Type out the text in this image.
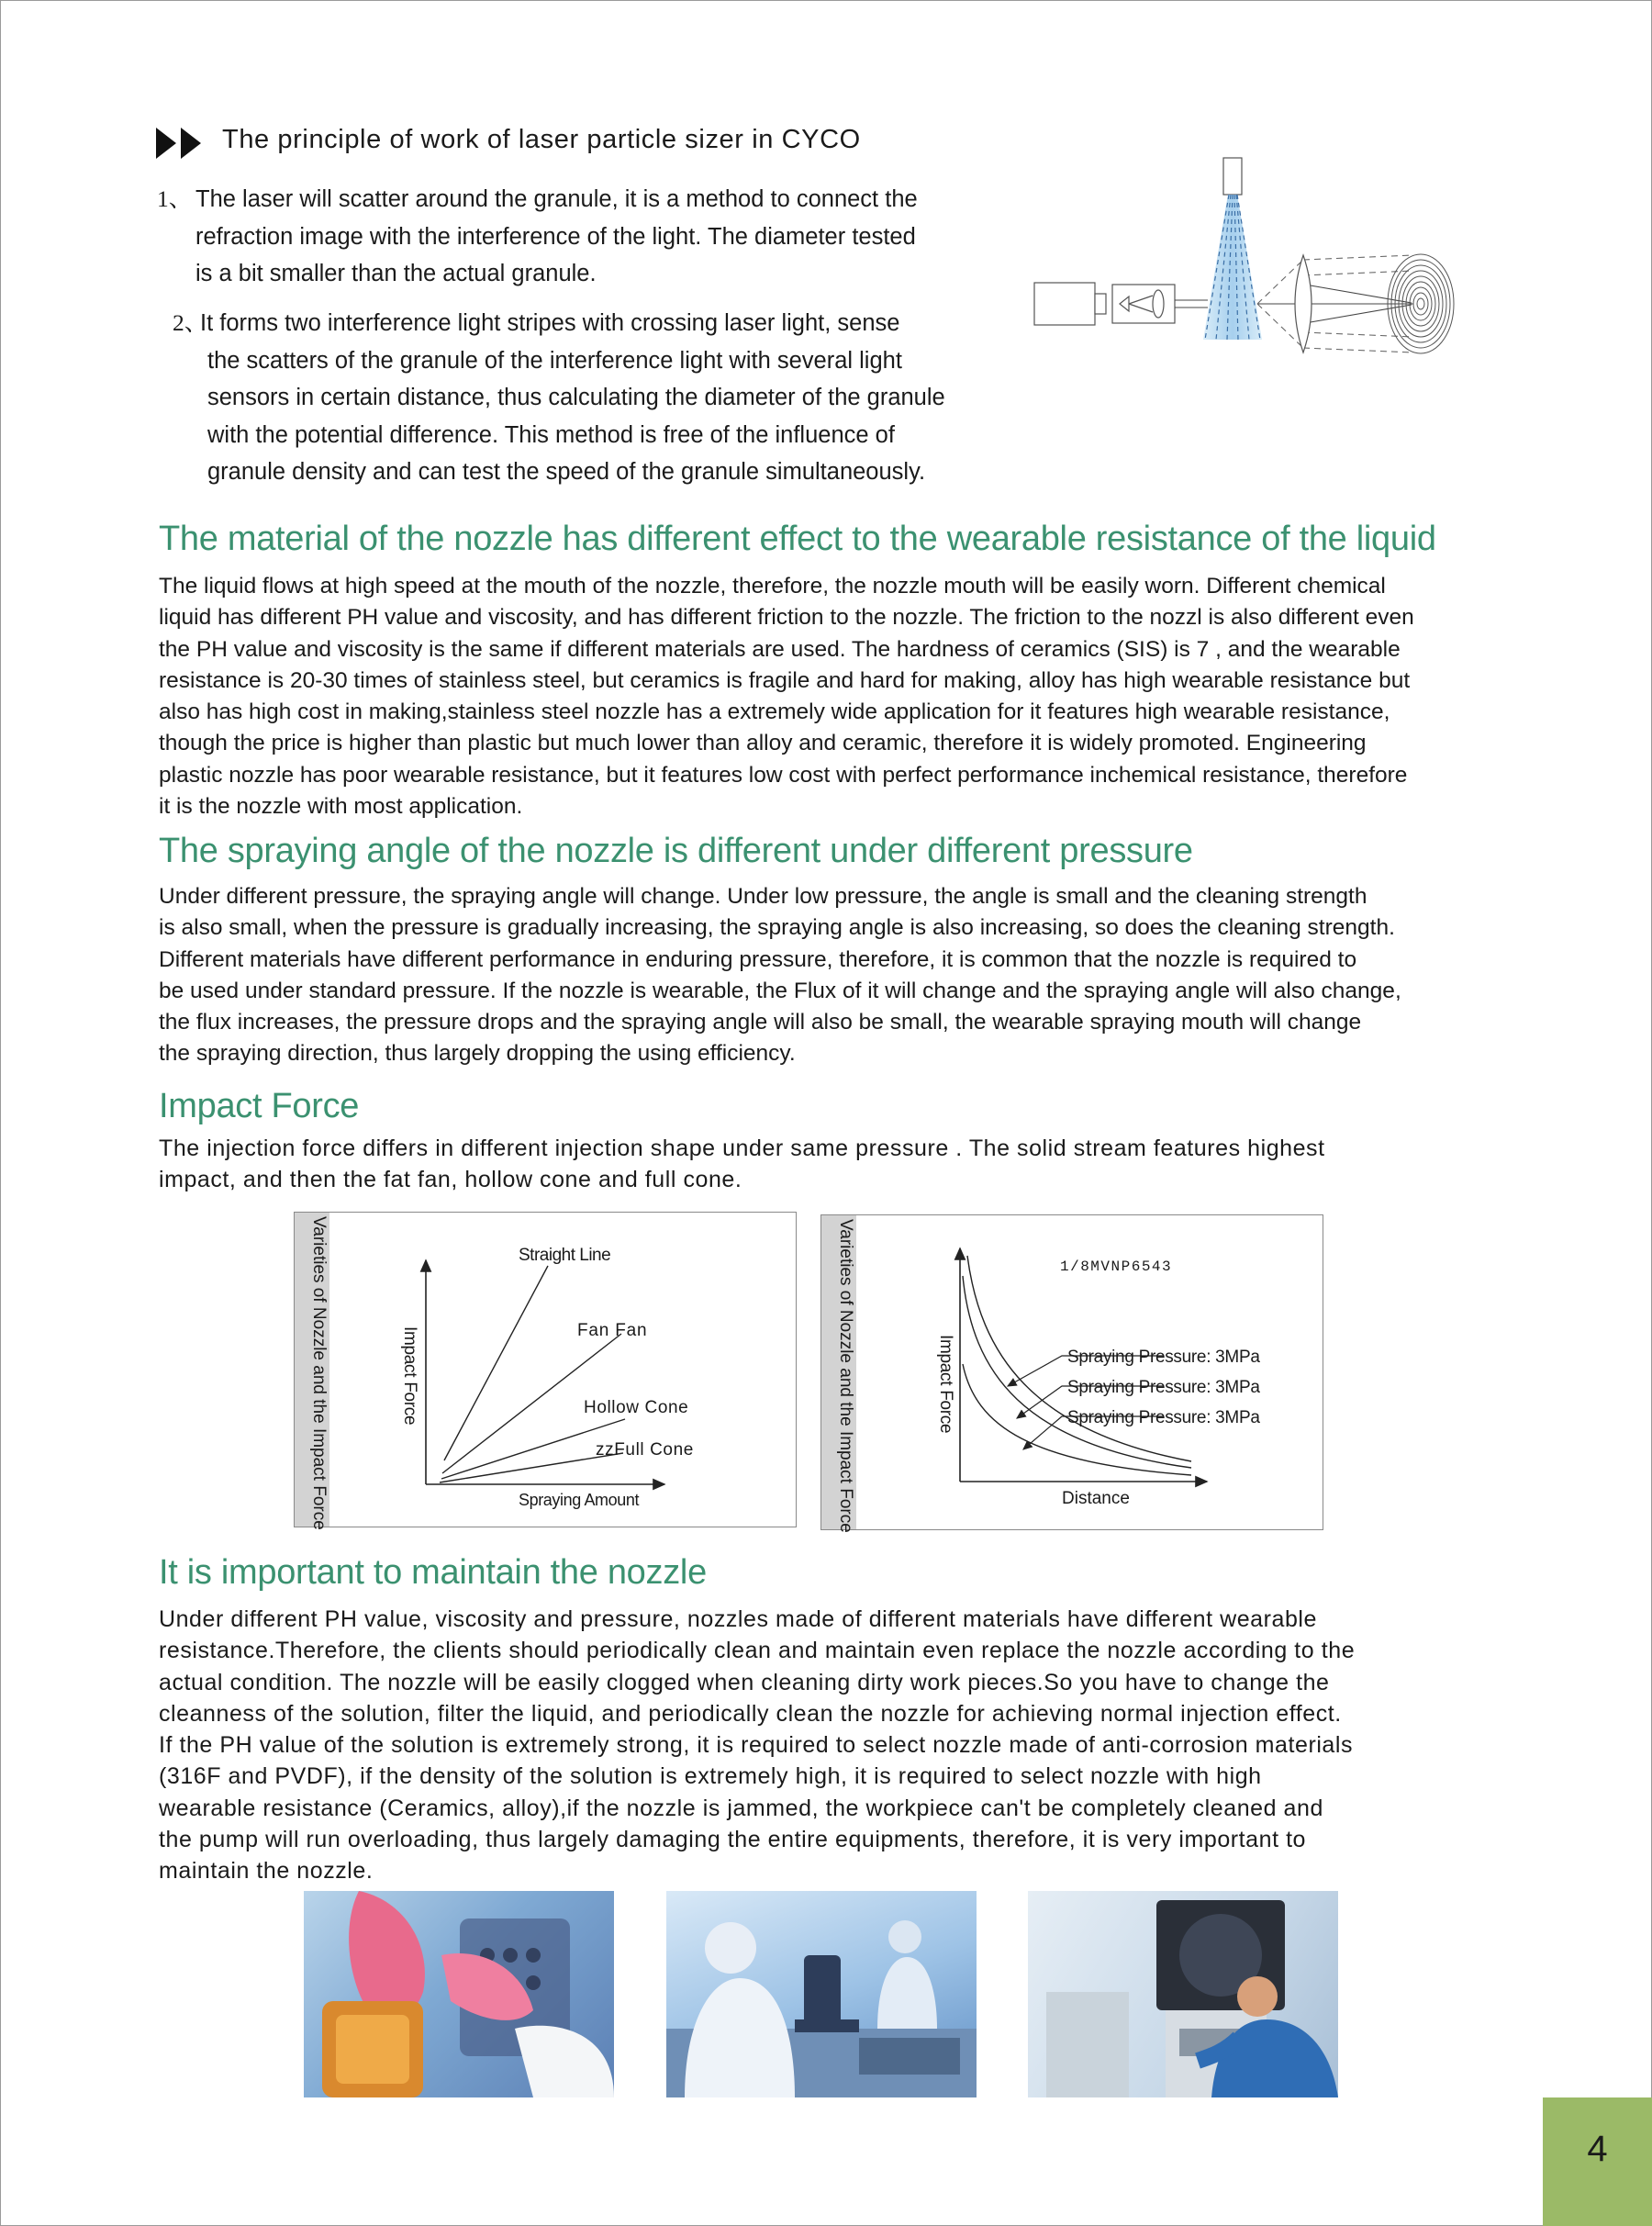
The principle of work of laser particle sizer in CYCO
1、 The laser will scatter around the granule, it is a method to connect the
refraction image with the interference of the light. The diameter tested
is a bit smaller than the actual granule.
2、
It forms two interference light stripes with crossing laser light, sense
the scatters of the granule of the interference light with several light
sensors in certain distance, thus calculating the diameter of the granule
with the potential difference. This method is free of the influence of
granule density and can test the speed of the granule simultaneously.
The material of the nozzle has different effect to the wearable resistance of the liquid
The liquid flows at high speed at the mouth of the nozzle, therefore, the nozzle mouth will be easily worn. Different chemical
liquid has different PH value and viscosity, and has different friction to the nozzle. The friction to the nozzl is also different even
the PH value and viscosity is the same if different materials are used. The hardness of ceramics (SIS) is 7 , and the wearable
resistance is 20-30 times of stainless steel, but ceramics is fragile and hard for making, alloy has high wearable resistance but
also has high cost in making,stainless steel nozzle has a extremely wide application for it features high wearable resistance,
though the price is higher than plastic but much lower than alloy and ceramic, therefore it is widely promoted. Engineering
plastic nozzle has poor wearable resistance, but it features low cost with perfect performance inchemical resistance, therefore
it is the nozzle with most application.
The spraying angle of the nozzle is different under different pressure
Under different pressure, the spraying angle will change. Under low pressure, the angle is small and the cleaning strength
is also small, when the pressure is gradually increasing, the spraying angle is also increasing, so does the cleaning strength.
Different materials have different performance in enduring pressure, therefore, it is common that the nozzle is required to
be used under standard pressure. If the nozzle is wearable, the Flux of it will change and the spraying angle will also change,
the flux increases, the pressure drops and the spraying angle will also be small, the wearable spraying mouth will change
the spraying direction, thus largely dropping the using efficiency.
Impact Force
The injection force differs in different injection shape under same pressure . The solid stream features highest
impact, and then the fat fan, hollow cone and full cone.
Varieties of Nozzle and the Impact Force	Straight Line
Fan Fan
Hollow Cone
zzFull Cone
Spraying Amount
Impact Force	Varieties of Nozzle and the Impact Force	1/8MVNP6543
Spraying Pressure: 3MPa
Spraying Pressure: 3MPa
Spraying Pressure: 3MPa
Distance
Impact Force
It is important to maintain the nozzle
Under different PH value, viscosity and pressure, nozzles made of different materials have different wearable
resistance.Therefore, the clients should periodically clean and maintain even replace the nozzle according to the
actual condition. The nozzle will be easily clogged when cleaning dirty work pieces.So you have to change the
cleanness of the solution, filter the liquid, and periodically clean the nozzle for achieving normal injection effect.
If the PH value of the solution is extremely strong, it is required to select nozzle made of anti-corrosion materials
(316F and PVDF), if the density of the solution is extremely high, it is required to select nozzle with high
wearable resistance (Ceramics, alloy),if the nozzle is jammed, the workpiece can't be completely cleaned and
the pump will run overloading, thus largely damaging the entire equipments, therefore, it is very important to
maintain the nozzle.
4
